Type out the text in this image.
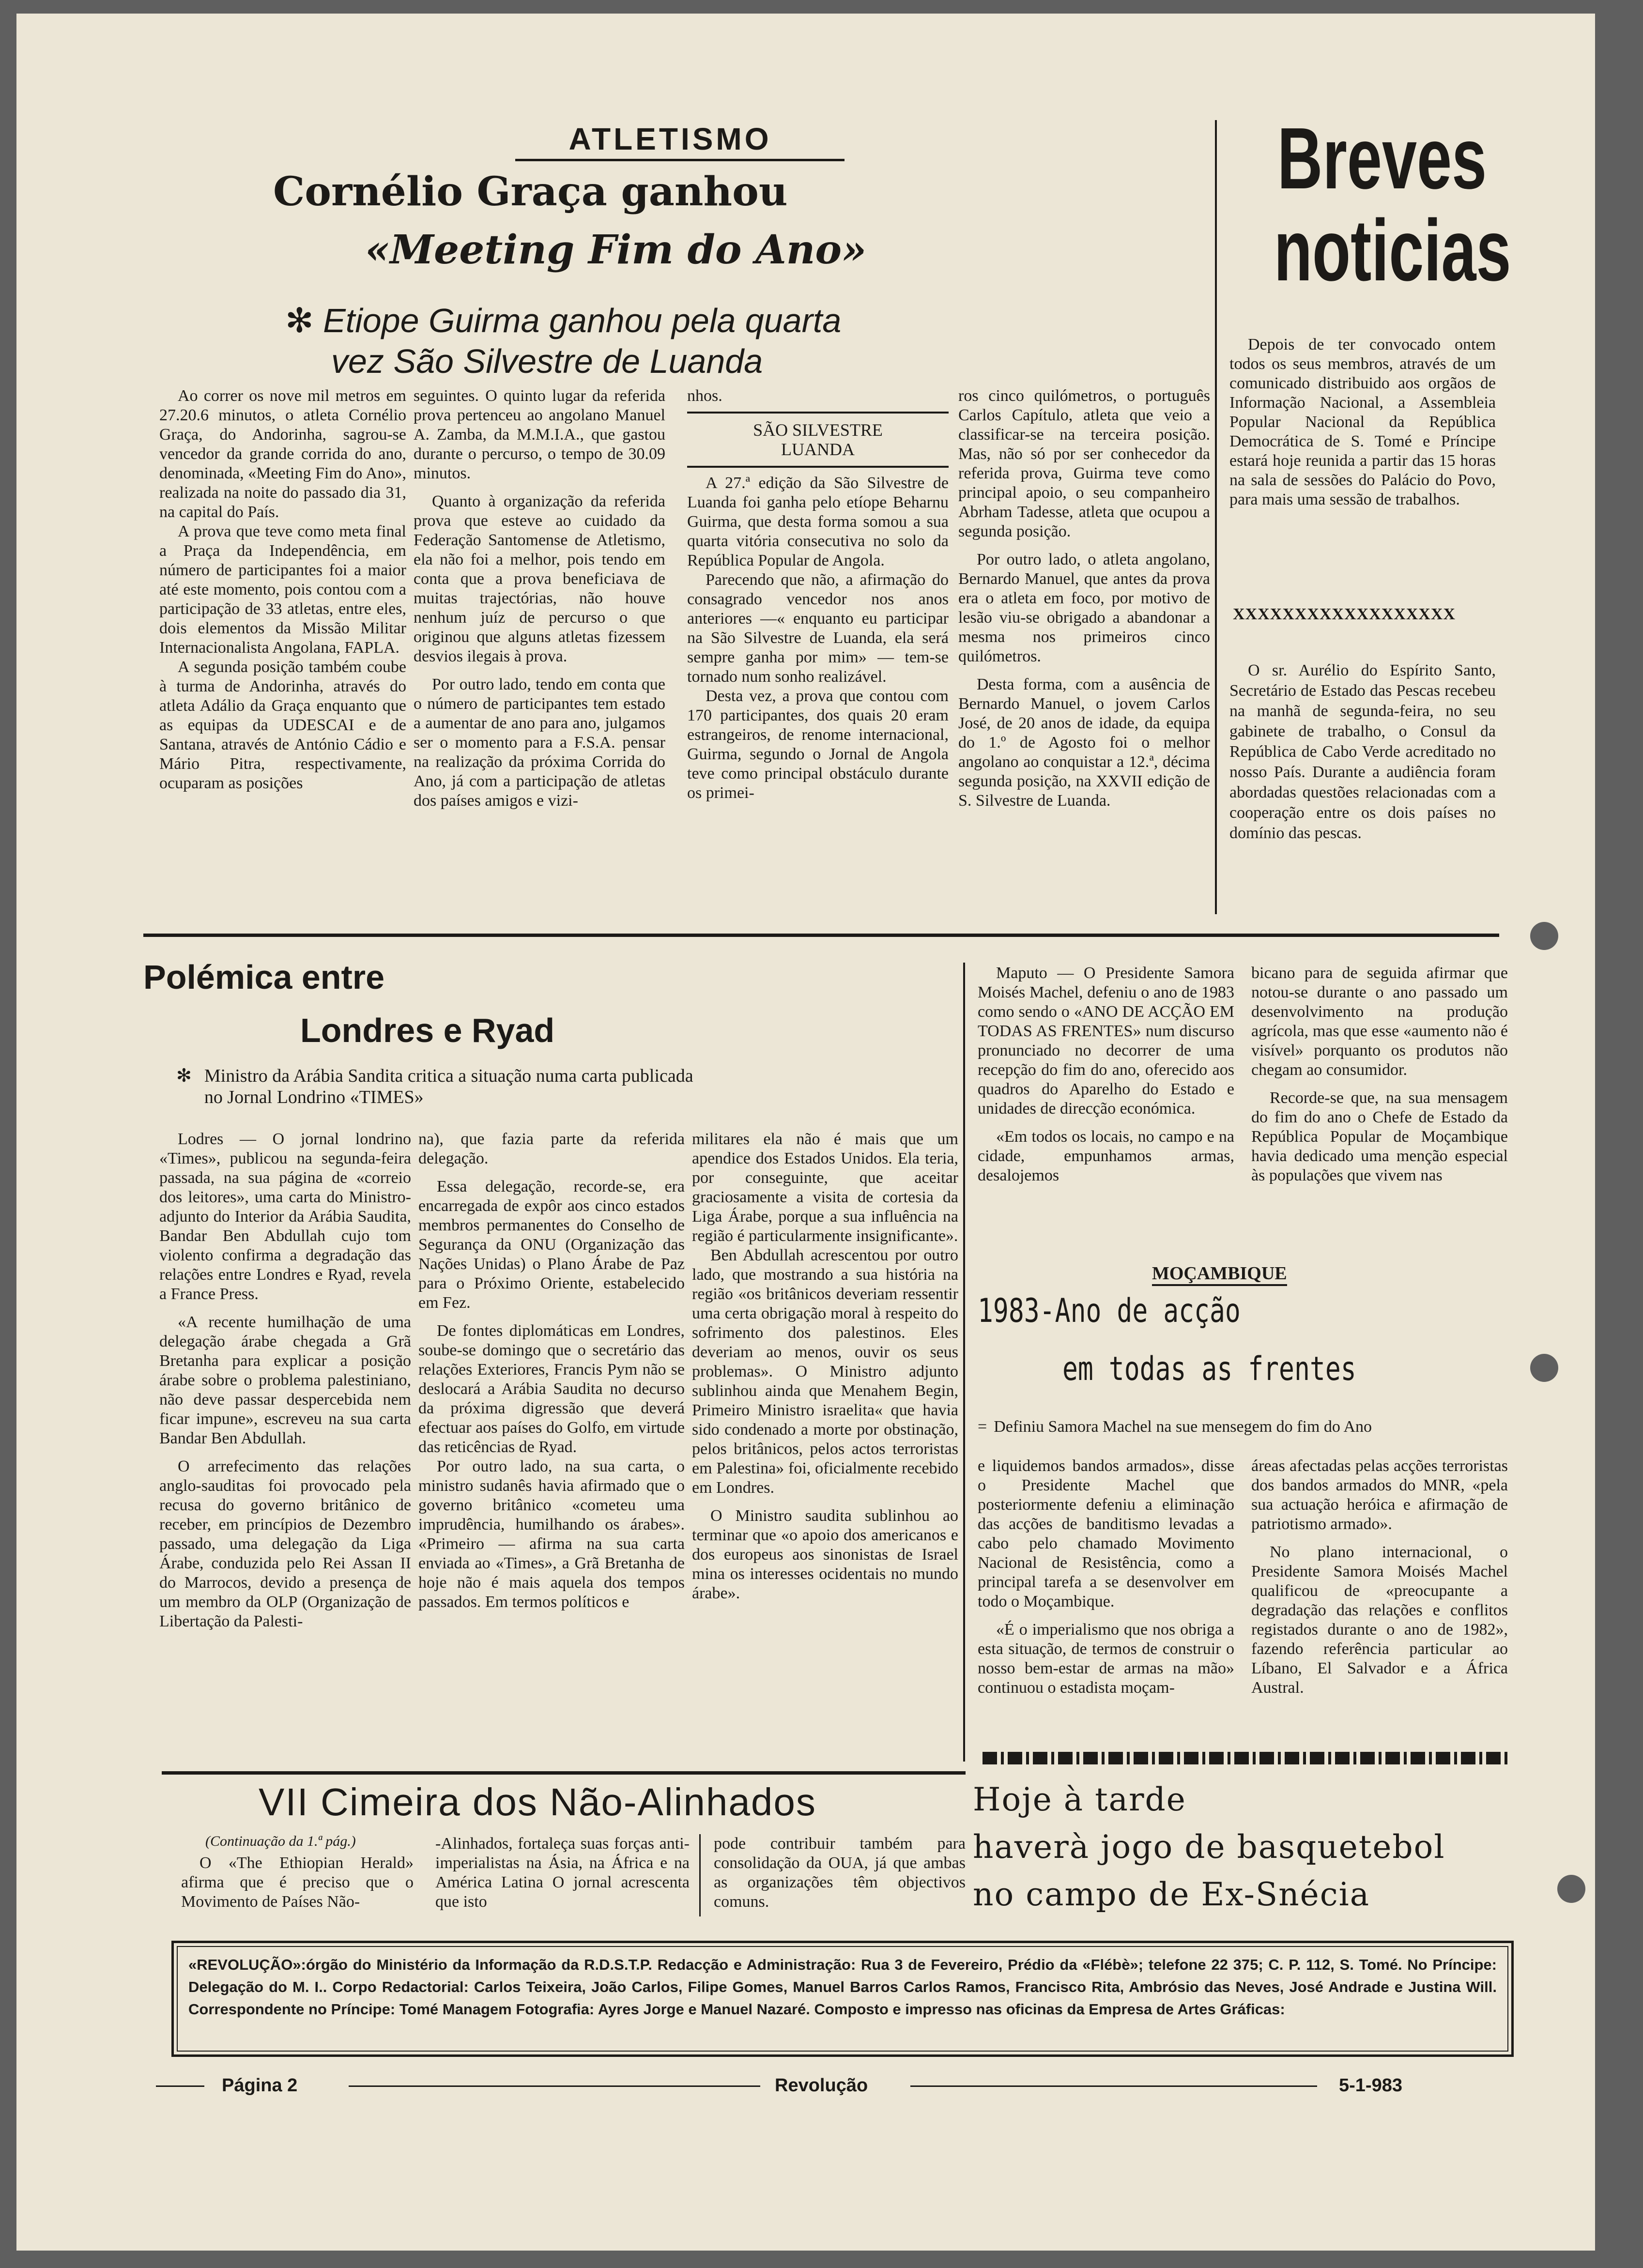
ATLETISMO
Cornélio Graça ganhou
«Meeting Fim do Ano»
✻ Etiope Guirma ganhou pela quarta
vez São Silvestre de Luanda

Ao correr os nove mil metros em 27.20.6 minutos, o atleta Cornélio Graça, do Andorinha, sagrou-se vencedor da grande corrida do ano, denominada, «Meeting Fim do Ano», realizada na noite do passado dia 31, na capital do País.

A prova que teve como meta final a Praça da Independência, em número de participantes foi a maior até este momento, pois contou com a participação de 33 atletas, entre eles, dois elementos da Missão Militar Internacionalista Angolana, FAPLA.

A segunda posição também coube à turma de Andorinha, através do atleta Adálio da Graça enquanto que as equipas da UDESCAI e de Santana, através de António Cádio e Mário Pitra, respectivamente, ocuparam as posições

seguintes. O quinto lugar da referida prova pertenceu ao angolano Manuel A. Zamba, da M.M.I.A., que gastou durante o percurso, o tempo de 30.09 minutos.

Quanto à organização da referida prova que esteve ao cuidado da Federação Santomense de Atletismo, ela não foi a melhor, pois tendo em conta que a prova beneficiava de muitas trajectórias, não houve nenhum juíz de percurso o que originou que alguns atletas fizessem desvios ilegais à prova.

Por outro lado, tendo em conta que o número de participantes tem estado a aumentar de ano para ano, julgamos ser o momento para a F.S.A. pensar na realização da próxima Corrida do Ano, já com a participação de atletas dos países amigos e vizi-

nhos.

SÃO SILVESTRE LUANDA

A 27.ª edição da São Silvestre de Luanda foi ganha pelo etíope Beharnu Guirma, que desta forma somou a sua quarta vitória consecutiva no solo da República Popular de Angola.

Parecendo que não, a afirmação do consagrado vencedor nos anos anteriores —« enquanto eu participar na São Silvestre de Luanda, ela será sempre ganha por mim» — tem-se tornado num sonho realizável.

Desta vez, a prova que contou com 170 participantes, dos quais 20 eram estrangeiros, de renome internacional, Guirma, segundo o Jornal de Angola teve como principal obstáculo durante os primei-

ros cinco quilómetros, o português Carlos Capítulo, atleta que veio a classificar-se na terceira posição. Mas, não só por ser conhecedor da referida prova, Guirma teve como principal apoio, o seu companheiro Abrham Tadesse, atleta que ocupou a segunda posição.

Por outro lado, o atleta angolano, Bernardo Manuel, que antes da prova era o atleta em foco, por motivo de lesão viu-se obrigado a abandonar a mesma nos primeiros cinco quilómetros.

Desta forma, com a ausência de Bernardo Manuel, o jovem Carlos José, de 20 anos de idade, da equipa do 1.º de Agosto foi o melhor angolano ao conquistar a 12.ª, décima segunda posição, na XXVII edição de S. Silvestre de Luanda.

Breves
noticias

Depois de ter convocado ontem todos os seus membros, através de um comunicado distribuido aos orgãos de Informação Nacional, a Assembleia Popular Nacional da República Democrática de S. Tomé e Príncipe estará hoje reunida a partir das 15 horas na sala de sessões do Palácio do Povo, para mais uma sessão de trabalhos.

XXXXXXXXXXXXXXXXXX

O sr. Aurélio do Espírito Santo, Secretário de Estado das Pescas recebeu na manhã de segunda-feira, no seu gabinete de trabalho, o Consul da República de Cabo Verde acreditado no nosso País. Durante a audiência foram abordadas questões relacionadas com a cooperação entre os dois países no domínio das pescas.

Polémica entre
Londres e Ryad
✻ Ministro da Arábia Sandita critica a situação numa carta publicada no Jornal Londrino «TIMES»

Lodres — O jornal londrino «Times», publicou na segunda-feira passada, na sua página de «correio dos leitores», uma carta do Ministro-adjunto do Interior da Arábia Saudita, Bandar Ben Abdullah cujo tom violento confirma a degradação das relações entre Londres e Ryad, revela a France Press.

«A recente humilhação de uma delegação árabe chegada a Grã Bretanha para explicar a posição árabe sobre o problema palestiniano, não deve passar despercebida nem ficar impune», escreveu na sua carta Bandar Ben Abdullah.

O arrefecimento das relações anglo-sauditas foi provocado pela recusa do governo britânico de receber, em princípios de Dezembro passado, uma delegação da Liga Árabe, conduzida pelo Rei Assan II do Marrocos, devido a presença de um membro da OLP (Organização de Libertação da Palesti-

na), que fazia parte da referida delegação.

Essa delegação, recorde-se, era encarregada de expôr aos cinco estados membros permanentes do Conselho de Segurança da ONU (Organização das Nações Unidas) o Plano Árabe de Paz para o Próximo Oriente, estabelecido em Fez.

De fontes diplomáticas em Londres, soube-se domingo que o secretário das relações Exteriores, Francis Pym não se deslocará a Arábia Saudita no decurso da próxima digressão que deverá efectuar aos países do Golfo, em virtude das reticências de Ryad.

Por outro lado, na sua carta, o ministro sudanês havia afirmado que o governo britânico «cometeu uma imprudência, humilhando os árabes». «Primeiro — afirma na sua carta enviada ao «Times», a Grã Bretanha de hoje não é mais aquela dos tempos passados. Em termos políticos e

militares ela não é mais que um apendice dos Estados Unidos. Ela teria, por conseguinte, que aceitar graciosamente a visita de cortesia da Liga Árabe, porque a sua influência na região é particularmente insignificante».

Ben Abdullah acrescentou por outro lado, que mostrando a sua história na região «os britânicos deveriam ressentir uma certa obrigação moral à respeito do sofrimento dos palestinos. Eles deveriam ao menos, ouvir os seus problemas». O Ministro adjunto sublinhou ainda que Menahem Begin, Primeiro Ministro israelita« que havia sido condenado a morte por obstinação, pelos britânicos, pelos actos terroristas em Palestina» foi, oficialmente recebido em Londres.

O Ministro saudita sublinhou ao terminar que «o apoio dos americanos e dos europeus aos sinonistas de Israel mina os interesses ocidentais no mundo árabe».

Maputo — O Presidente Samora Moisés Machel, defeniu o ano de 1983 como sendo o «ANO DE ACÇÃO EM TODAS AS FRENTES» num discurso pronunciado no decorrer de uma recepção do fim do ano, oferecido aos quadros do Aparelho do Estado e unidades de direcção económica.

«Em todos os locais, no campo e na cidade, empunhamos armas, desalojemos

bicano para de seguida afirmar que notou-se durante o ano passado um desenvolvimento na produção agrícola, mas que esse «aumento não é visível» porquanto os produtos não chegam ao consumidor.

Recorde-se que, na sua mensagem do fim do ano o Chefe de Estado da República Popular de Moçambique havia dedicado uma menção especial às populações que vivem nas

MOÇAMBIQUE
1983-Ano de acção
em todas as frentes
= Definiu Samora Machel na sue mensegem do fim do Ano

e liquidemos bandos armados», disse o Presidente Machel que posteriormente defeniu a eliminação das acções de banditismo levadas a cabo pelo chamado Movimento Nacional de Resistência, como a principal tarefa a se desenvolver em todo o Moçambique.

«É o imperialismo que nos obriga a esta situação, de termos de construir o nosso bem-estar de armas na mão» continuou o estadista moçam-

áreas afectadas pelas acções terroristas dos bandos armados do MNR, «pela sua actuação heróica e afirmação de patriotismo armado».

No plano internacional, o Presidente Samora Moisés Machel qualificou de «preocupante a degradação das relações e conflitos registados durante o ano de 1982», fazendo referência particular ao Líbano, El Salvador e a África Austral.

VII Cimeira dos Não-Alinhados
(Continuação da 1.ª pág.)

O «The Ethiopian Herald» afirma que é preciso que o Movimento de Países Não-

-Alinhados, fortaleça suas forças anti-imperialistas na Ásia, na África e na América Latina O jornal acrescenta que isto

pode contribuir também para consolidação da OUA, já que ambas as organizações têm objectivos comuns.

Hoje à tarde
haverà jogo de basquetebol
no campo de Ex-Snécia
«REVOLUÇÃO»:órgão do Ministério da Informação da R.D.S.T.P. Redacção e Administração: Rua 3 de Fevereiro, Prédio da «Flébè»; telefone 22 375; C. P. 112, S. Tomé. No Príncipe: Delegação do M. I.. Corpo Redactorial: Carlos Teixeira, João Carlos, Filipe Gomes, Manuel Barros Carlos Ramos, Francisco Rita, Ambrósio das Neves, José Andrade e Justina Will. Correspondente no Príncipe: Tomé Managem Fotografia: Ayres Jorge e Manuel Nazaré. Composto e impresso nas oficinas da Empresa de Artes Gráficas:
Página 2	Revolução	5-1-983
